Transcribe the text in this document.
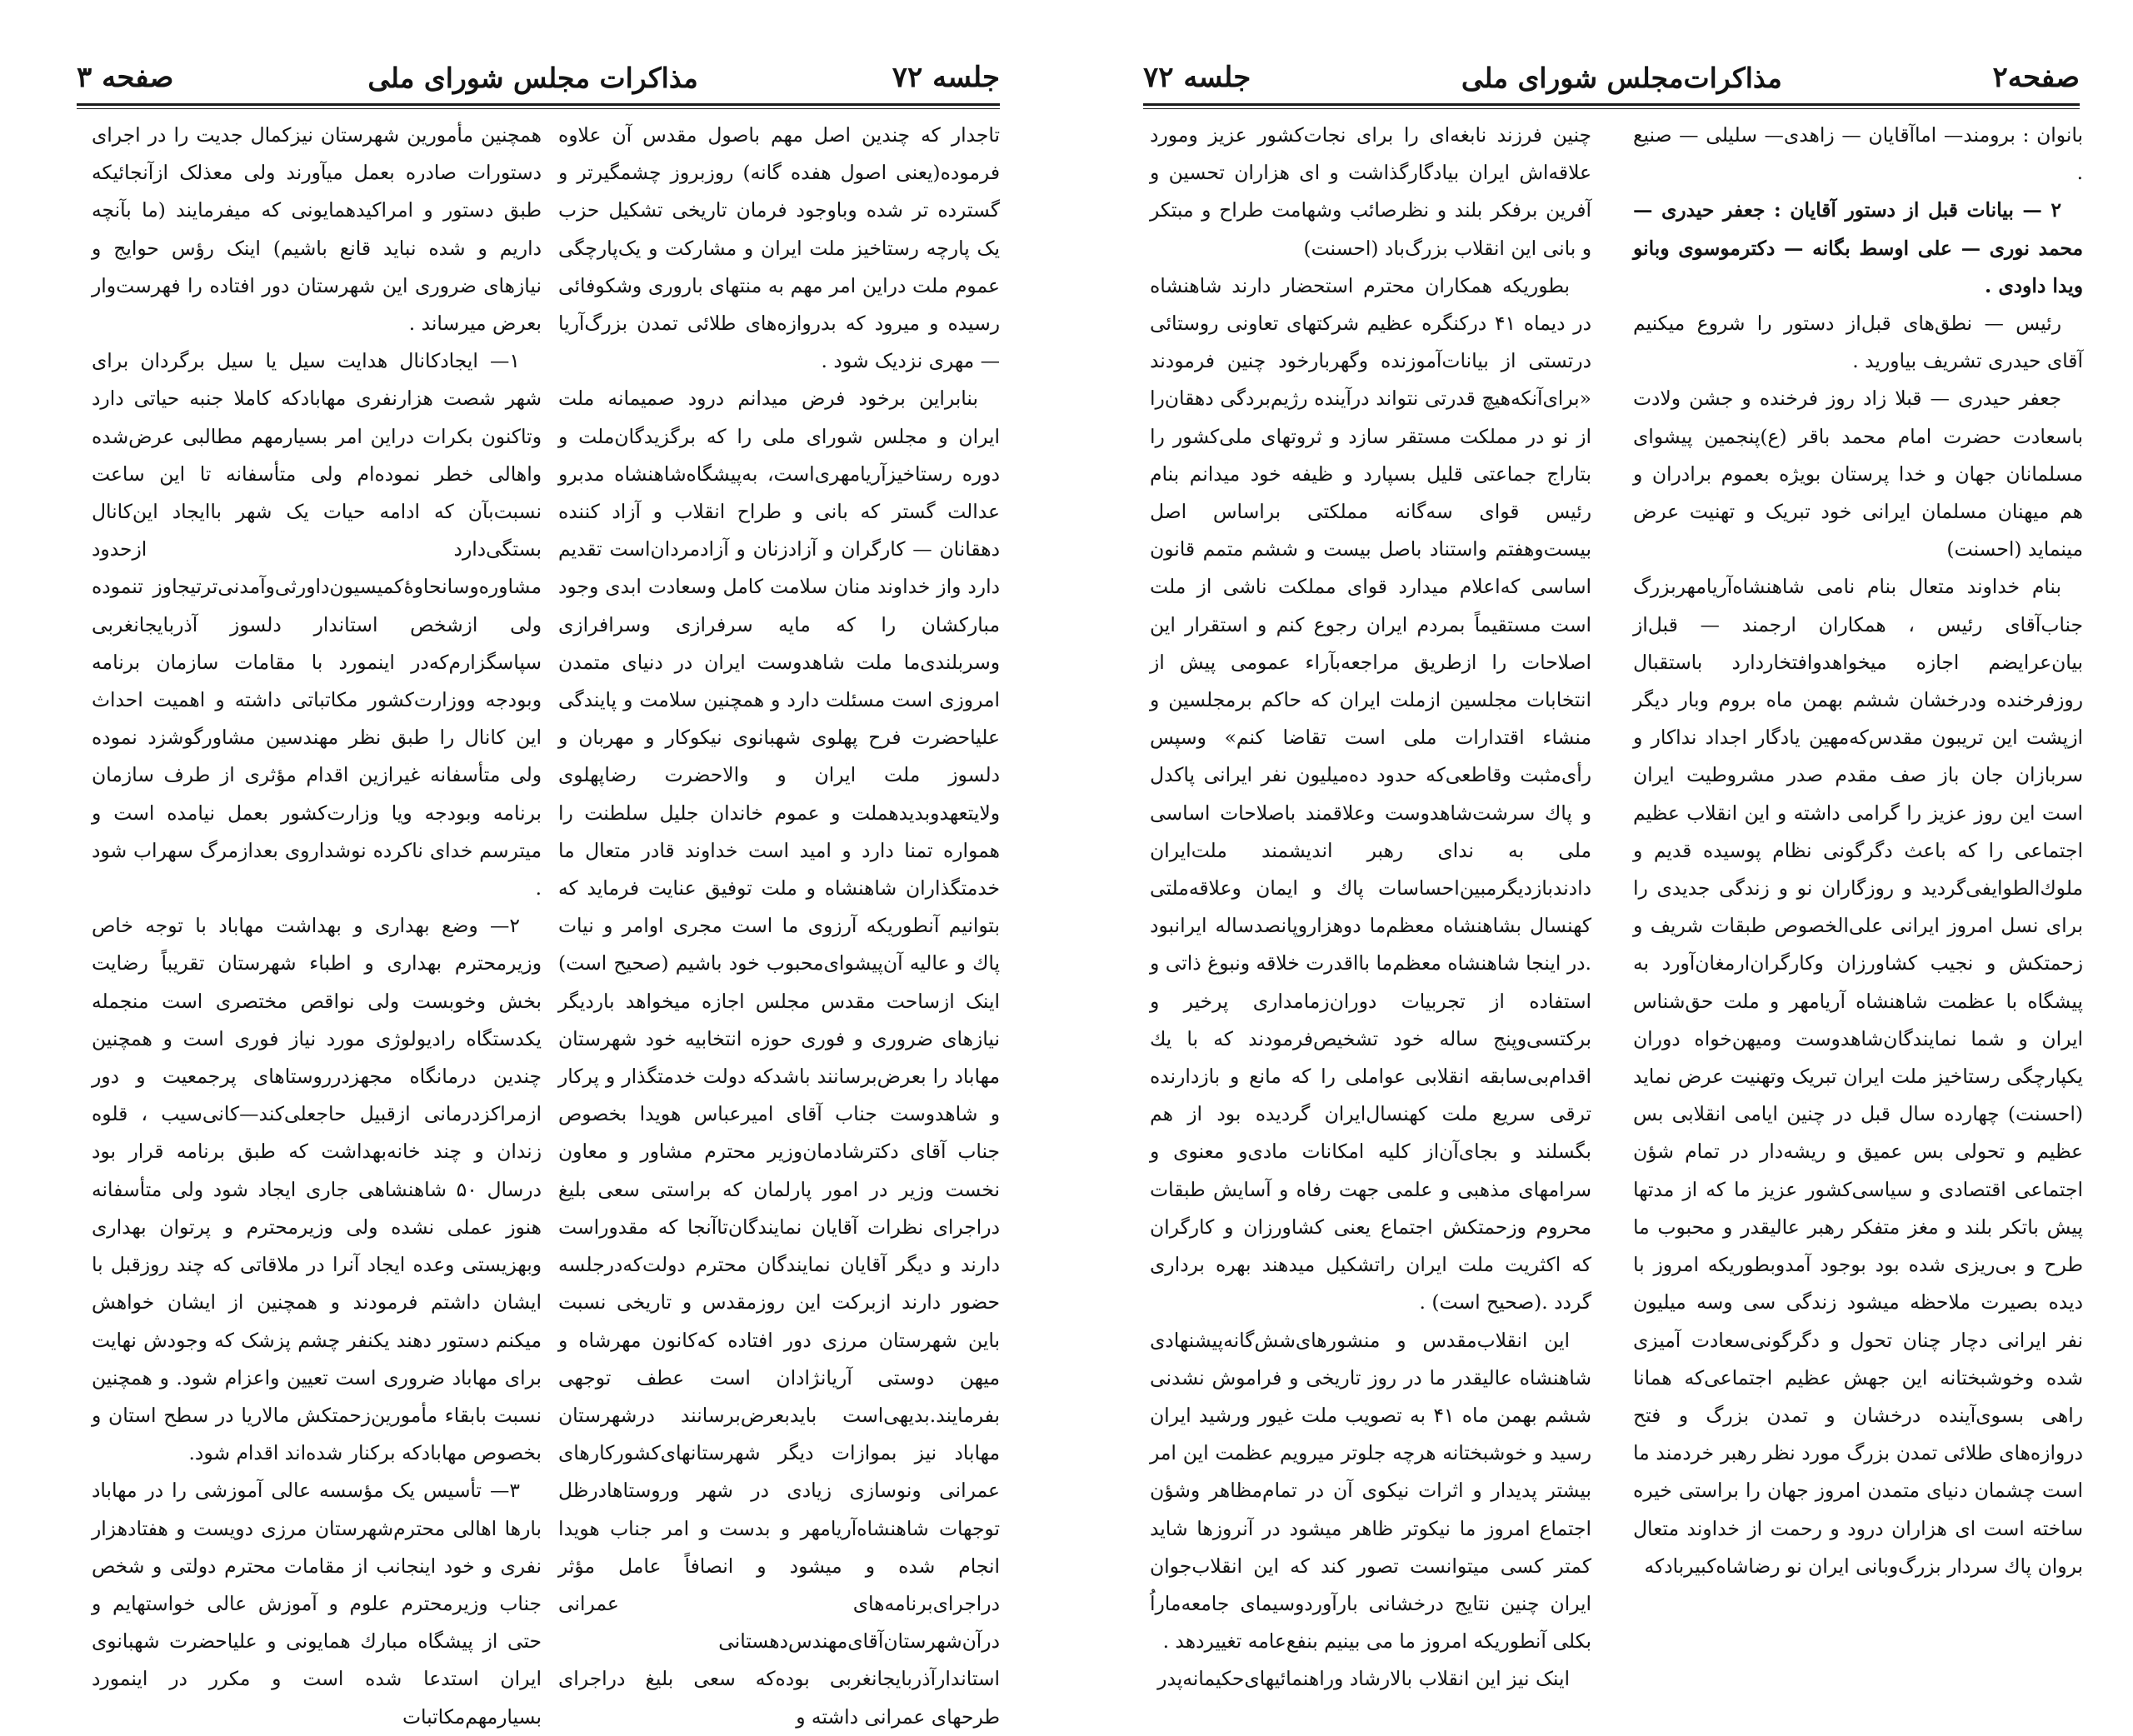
صفحه ۳	مذاکرات مجلس شورای ملی	جلسه ۷۲

تاجدار که چندین اصل مهم باصول مقدس آن علاوه فرموده(یعنی اصول هفده گانه) روزبروز چشمگیرتر و گسترده تر شده وباوجود فرمان تاریخی تشکیل حزب یک پارچه رستاخیز ملت ایران و مشارکت و یک‌پارچگی عموم ملت دراین امر مهم به منتهای باروری وشکوفائی رسیده و میرود که بدروازه‌های طلائی تمدن بزرگ‌آریا — مهری نزدیک شود .

بنابراین برخود فرض میدانم درود صمیمانه ملت ایران و مجلس شورای ملی را که برگزیدگان‌ملت و دوره رستاخیزآریامهری‌است، به‌پیشگاه‌شاهنشاه مدبرو عدالت گستر که بانی و طراح انقلاب و آزاد کننده دهقانان — کارگران و آزادزنان و آزادمردان‌است تقدیم دارد واز خداوند منان سلامت کامل وسعادت ابدی وجود مبارکشان را که مایه سرفرازی وسرافرازی وسربلندی‌ما ملت شاهدوست ایران در دنیای متمدن امروزی است مسئلت دارد و همچنین سلامت و پایندگی علیاحضرت فرح پهلوی شهبانوی نیکوکار و مهربان و دلسوز ملت ایران و والاحضرت رضاپهلوی ولایتعهدوبدیدهملت و عموم خاندان جلیل سلطنت را همواره تمنا دارد و امید است خداوند قادر متعال ما خدمتگذاران شاهنشاه و ملت توفیق عنایت فرماید که بتوانیم آنطوریکه آرزوی ما است مجری اوامر و نیات پاك و عالیه آن‌پیشوای‌محبوب خود باشیم (صحیح است) اینک ازساحت مقدس مجلس اجازه میخواهد باردیگر نیازهای ضروری و فوری حوزه انتخابیه خود شهرستان مهاباد را بعرض‌برسانند باشدکه دولت خدمتگذار و پرکار و شاهدوست جناب آقای امیرعباس هویدا بخصوص جناب آقای دکترشادمان‌وزیر محترم مشاور و معاون نخست وزیر در امور پارلمان که براستی سعی بلیغ دراجرای نظرات آقایان نمایندگان‌تاآنجا که مقدوراست دارند و دیگر آقایان نمایندگان محترم دولت‌که‌درجلسه حضور دارند ازبرکت این روزمقدس و تاریخی نسبت باین شهرستان مرزی دور افتاده که‌کانون مهرشاه و میهن دوستی آریانژادان است عطف توجهی بفرمایند.بدیهی‌است بایدبعرض‌برسانند درشهرستان مهاباد نیز بموازات دیگر شهرستانهای‌کشور‌کارهای عمرانی ونوسازی زیادی در شهر وروستاها‌درظل توجهات شاهنشاه‌آریامهر و بدست و امر جناب هویدا انجام شده و میشود و انصافاً عامل مؤثر دراجرای‌برنامه‌های عمرانی درآن‌شهرستان‌آقای‌مهندس‌دهستانی استاندارآذربایجانغربی بوده‌که سعی بلیغ دراجرای طرحهای عمرانی داشته و

همچنین مأمورین شهرستان نیزکمال جدیت را در اجرای دستورات صادره بعمل میآورند ولی معذلک ازآنجائیکه طبق دستور و امراکیدهمایونی که میفرمایند (ما بآنچه داریم و شده نباید قانع باشیم) اینک رؤس حوایج و نیازهای ضروری این شهرستان دور افتاده را فهرست‌وار بعرض میرساند .

۱— ایجادکانال هدایت سیل یا سیل برگردان برای شهر شصت هزارنفری مهاباد‌که کاملا جنبه حیاتی دارد وتاکنون بکرات دراین امر بسیارمهم مطالبی عرض‌شده واهالی خطر نموده‌ام ولی متأسفانه تا این ساعت نسبت‌بآن که ادامه حیات یک شهر باایجاد این‌کانال بستگی‌دارد ازحدود مشاوره‌وسانحاوهٔ‌کمیسیون‌داورثی‌وآمدنی‌ترتیجاوز تنموده ولی ازشخص استاندار دلسوز آذربایجانغربی سپاسگزارم‌که‌در اینمورد با مقامات سازمان برنامه وبودجه ووزارت‌کشور مکاتباتی داشته و اهمیت احداث این کانال را طبق نظر مهندسین مشاورگوشزد نموده ولی متأسفانه غیرازین اقدام مؤثری از طرف سازمان برنامه وبودجه ویا وزارت‌کشور بعمل نیامده است و میترسم خدای ناکرده نوشداروی بعدازمرگ سهراب شود .

۲— وضع بهداری و بهداشت مهاباد با توجه خاص وزیرمحترم بهداری و اطباء شهرستان تقریباً رضایت بخش وخوبست ولی نواقص مختصری است منجمله یکدستگاه رادیولوژی مورد نیاز فوری است و همچنین چندین درمانگاه مجهزدرروستاهای پرجمعیت و دور ازمراکزدرمانی ازقبیل حاجعلی‌کند—‌کانی‌سیب ، قلوه زندان و چند خانه‌بهداشت که طبق برنامه قرار بود درسال ۵۰ شاهنشاهی جاری ایجاد شود ولی متأسفانه هنوز عملی نشده ولی وزیرمحترم و پرتوان بهداری وبهزیستی وعده ایجاد آنرا در ملاقاتی که چند روزقبل با ایشان داشتم فرمودند و همچنین از ایشان خواهش میکنم دستور دهند یکنفر چشم پزشک که وجودش نهایت برای مهاباد ضروری است تعیین واعزام شود. و همچنین نسبت بابقاء مأمورین‌زحمتکش مالاریا در سطح استان و بخصوص مهاباد‌که برکنار شده‌اند اقدام شود.

۳— تأسیس یک مؤسسه عالی آموزشی را در مهاباد بارها اهالی محترم‌شهرستان مرزی دویست و هفتادهزار نفری و خود اینجانب از مقامات محترم دولتی و شخص جناب وزیرمحترم علوم و آموزش عالی خواستهایم و حتی از پیشگاه مبارك همایونی و علیاحضرت شهبانوی ایران استدعا شده است و مکرر در اینمورد بسیارمهم‌مکاتبات

۷۲ جلسه	مذاکرات‌مجلس شورای ملی	صفحه۲

بانوان : برومند— اماآقایان — زاهدی— سلیلی — صنیع .

۲ — بیانات قبل از دستور آقایان : جعفر حیدری — محمد نوری — علی اوسط بگانه — دکترموسوی وبانو ویدا داودی .

رئیس — نطق‌های قبل‌از دستور را شروع میکنیم آقای حیدری تشریف بیاورید .

جعفر حیدری — قبلا زاد روز فرخنده و جشن ولادت باسعادت حضرت امام محمد باقر (ع)پنجمین پیشوای مسلمانان جهان و خدا پرستان بویژه بعموم برادران و هم میهنان مسلمان ایرانی خود تبریک و تهنیت عرض مینماید (احسنت)

بنام خداوند متعال بنام نامی شاهنشاه‌آریامهربزرگ جناب‌آقای رئیس ، همکاران ارجمند — قبل‌از بیان‌عرایضم اجازه میخواهدوافتخاردارد باستقبال روزفرخنده ودرخشان ششم بهمن ماه بروم وبار دیگر ازپشت این تریبون مقدس‌که‌مهین یادگار اجداد نداکار و سربازان جان باز صف مقدم صدر مشروطیت ایران است این روز عزیز را گرامی داشته و این انقلاب عظیم اجتماعی را که باعث دگرگونی نظام پوسیده قدیم و ملوك‌الطوایفی‌گردید و روزگاران نو و زندگی جدیدی را برای نسل امروز ایرانی علی‌الخصوص طبقات شریف و زحمتکش و نجیب کشاورزان و‌کارگران‌ارمغان‌آورد به پیشگاه با عظمت شاهنشاه آریامهر و ملت حق‌شناس ایران و شما نمایندگان‌شاهدوست ومیهن‌خواه دوران یکپارچگی رستاخیز ملت ایران تبریک وتهنیت عرض نماید (احسنت) چهارده سال قبل در چنین ایامی انقلابی بس عظیم و تحولی بس عمیق و ریشه‌دار در تمام شؤن اجتماعی اقتصادی و سیاسی‌کشور عزیز ما که از مدتها پیش باتکر بلند و مغز متفکر رهبر عالیقدر و محبوب ما طرح و بی‌ریزی شده بود بوجود آمدوبطوریکه امروز با دیده بصیرت ملاحظه میشود زندگی سی وسه میلیون نفر ایرانی دچار چنان تحول و دگرگونی‌سعادت آمیزی شده وخوشبختانه این جهش عظیم اجتماعی‌که همانا راهی بسوی‌آینده درخشان و تمدن بزرگ و فتح دروازه‌های طلائی تمدن بزرگ مورد نظر رهبر خردمند ما است چشمان دنیای متمدن امروز جهان را براستی خیره ساخته است ای هزاران درود و رحمت از خداوند متعال بروان پاك سردار بزرگ‌وبانی ایران نو رضاشاه‌کبیربادکه

چنین فرزند نابغه‌ای را برای نجات‌کشور عزیز ومورد علاقه‌اش ایران بیادگارگذاشت و ای هزاران تحسین و آفرین برفکر بلند و نظرصائب وشهامت طراح و مبتکر و بانی این انقلاب بزرگ‌باد (احسنت)

بطوریکه همکاران محترم استحضار دارند شاهنشاه در دیماه ۴۱ درکنگره عظیم شرکتهای تعاونی روستائی درتستی از بیانات‌آموزنده وگهربارخود چنین فرمودند «برای‌آنکه‌هیچ قدرتی نتواند درآینده رژیم‌بردگی دهقان‌را از نو در مملکت مستقر سازد و ثروتهای ملی‌کشور را بتاراج جماعتی قلیل بسپارد و ظیفه خود میدانم بنام رئیس قوای سه‌گانه مملکتی براساس اصل بیست‌وهفتم واستناد باصل بیست و ششم متمم قانون اساسی که‌اعلام میدارد قوای مملکت ناشی از ملت است مستقیماً بمردم ایران رجوع کنم و استقرار این اصلاحات را ازطریق مراجعه‌بآراء عمومی پیش از انتخابات مجلسین ازملت ایران که حاکم برمجلسین و منشاء اقتدارات ملی است تقاضا کنم» وسپس رأی‌مثبت وقاطعی‌که حدود ده‌میلیون نفر ایرانی پاکدل و پاك سرشت‌شاهدوست وعلاقمند باصلاحات اساسی ملی به ندای رهبر اندیشمند ملت‌ایران دادندبازدیگرمبین‌احساسات پاك و ایمان وعلاقه‌ملتی کهنسال بشاهنشاه معظم‌ما دوهزاروپانصدساله ایرانبود .در اینجا شاهنشاه معظم‌ما بااقدرت خلاقه ونبوغ ذاتی و استفاده از تجربیات دوران‌زمامداری پرخیر و برکتسی‌وپنج ساله خود تشخیص‌فرمودند که با یك اقدام‌بی‌سابقه انقلابی عواملی را که مانع و بازدارنده ترقی سریع ملت کهنسال‌ایران گردیده بود از هم بگسلند و بجای‌آن‌از کلیه امکانات مادی‌و معنوی و سرامهای مذهبی و علمی جهت رفاه و آسایش طبقات محروم وزحمتکش اجتماع یعنی کشاورزان و کارگران که اکثریت ملت ایران راتشکیل میدهند بهره برداری گردد .(صحیح است) .

این انقلاب‌مقدس و منشورهای‌شش‌گانه‌پیشنهادی شاهنشاه عالیقدر ما در روز تاریخی و فراموش نشدنی ششم بهمن ماه ۴۱ به تصویب ملت غیور ورشید ایران رسید و خوشبختانه هرچه جلوتر میرویم عظمت این امر بیشتر پدیدار و اثرات نیکوی آن در تمام‌مظاهر وشؤن اجتماع امروز ما نیکوتر ظاهر میشود در آنروزها شاید کمتر کسی میتوانست تصور کند که این انقلاب‌جوان ایران چنین نتایج درخشانی بارآوردوسیمای جامعه‌ماراُ بکلی آنطوریکه امروز ما می بینیم بنفع‌عامه تغییردهد .

اینک نیز این انقلاب بالارشاد وراهنمائیهای‌حکیمانه‌پدر
